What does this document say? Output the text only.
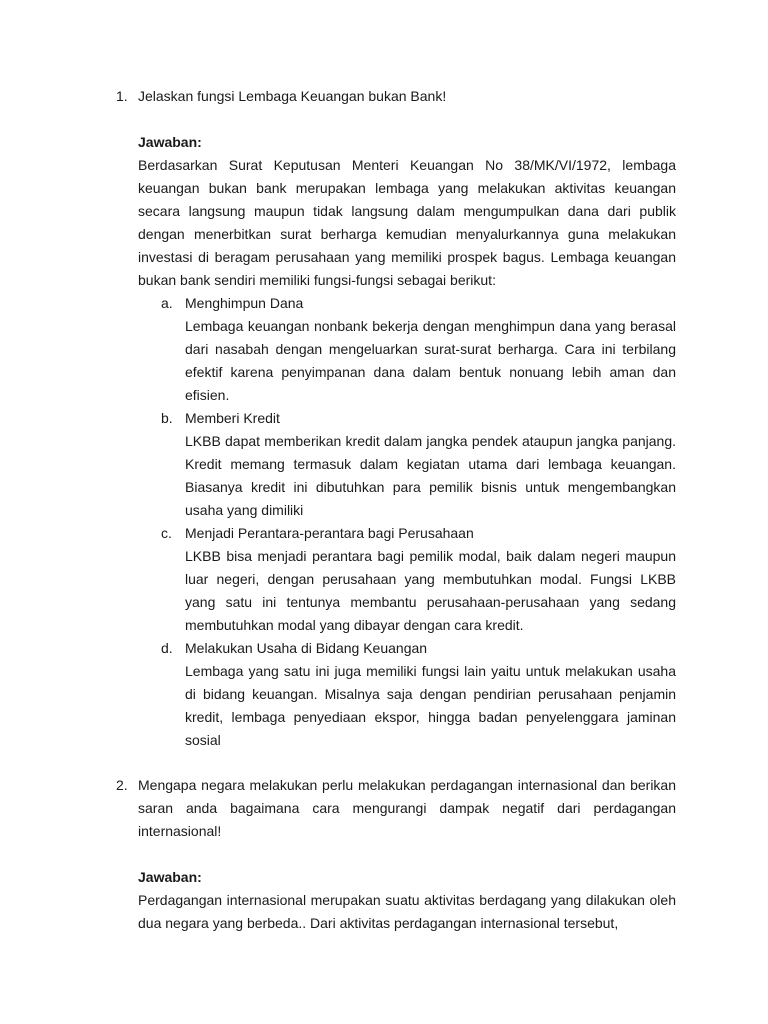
1. Jelaskan fungsi Lembaga Keuangan bukan Bank!
Jawaban:
Berdasarkan Surat Keputusan Menteri Keuangan No 38/MK/VI/1972, lembaga keuangan bukan bank merupakan lembaga yang melakukan aktivitas keuangan secara langsung maupun tidak langsung dalam mengumpulkan dana dari publik dengan menerbitkan surat berharga kemudian menyalurkannya guna melakukan investasi di beragam perusahaan yang memiliki prospek bagus. Lembaga keuangan bukan bank sendiri memiliki fungsi-fungsi sebagai berikut:
a. Menghimpun Dana
Lembaga keuangan nonbank bekerja dengan menghimpun dana yang berasal dari nasabah dengan mengeluarkan surat-surat berharga. Cara ini terbilang efektif karena penyimpanan dana dalam bentuk nonuang lebih aman dan efisien.
b. Memberi Kredit
LKBB dapat memberikan kredit dalam jangka pendek ataupun jangka panjang. Kredit memang termasuk dalam kegiatan utama dari lembaga keuangan. Biasanya kredit ini dibutuhkan para pemilik bisnis untuk mengembangkan usaha yang dimiliki
c. Menjadi Perantara-perantara bagi Perusahaan
LKBB bisa menjadi perantara bagi pemilik modal, baik dalam negeri maupun luar negeri, dengan perusahaan yang membutuhkan modal. Fungsi LKBB yang satu ini tentunya membantu perusahaan-perusahaan yang sedang membutuhkan modal yang dibayar dengan cara kredit.
d. Melakukan Usaha di Bidang Keuangan
Lembaga yang satu ini juga memiliki fungsi lain yaitu untuk melakukan usaha di bidang keuangan. Misalnya saja dengan pendirian perusahaan penjamin kredit, lembaga penyediaan ekspor, hingga badan penyelenggara jaminan sosial
2. Mengapa negara melakukan perlu melakukan perdagangan internasional dan berikan saran anda bagaimana cara mengurangi dampak negatif dari perdagangan internasional!
Jawaban:
Perdagangan internasional merupakan suatu aktivitas berdagang yang dilakukan oleh dua negara yang berbeda.. Dari aktivitas perdagangan internasional tersebut,
